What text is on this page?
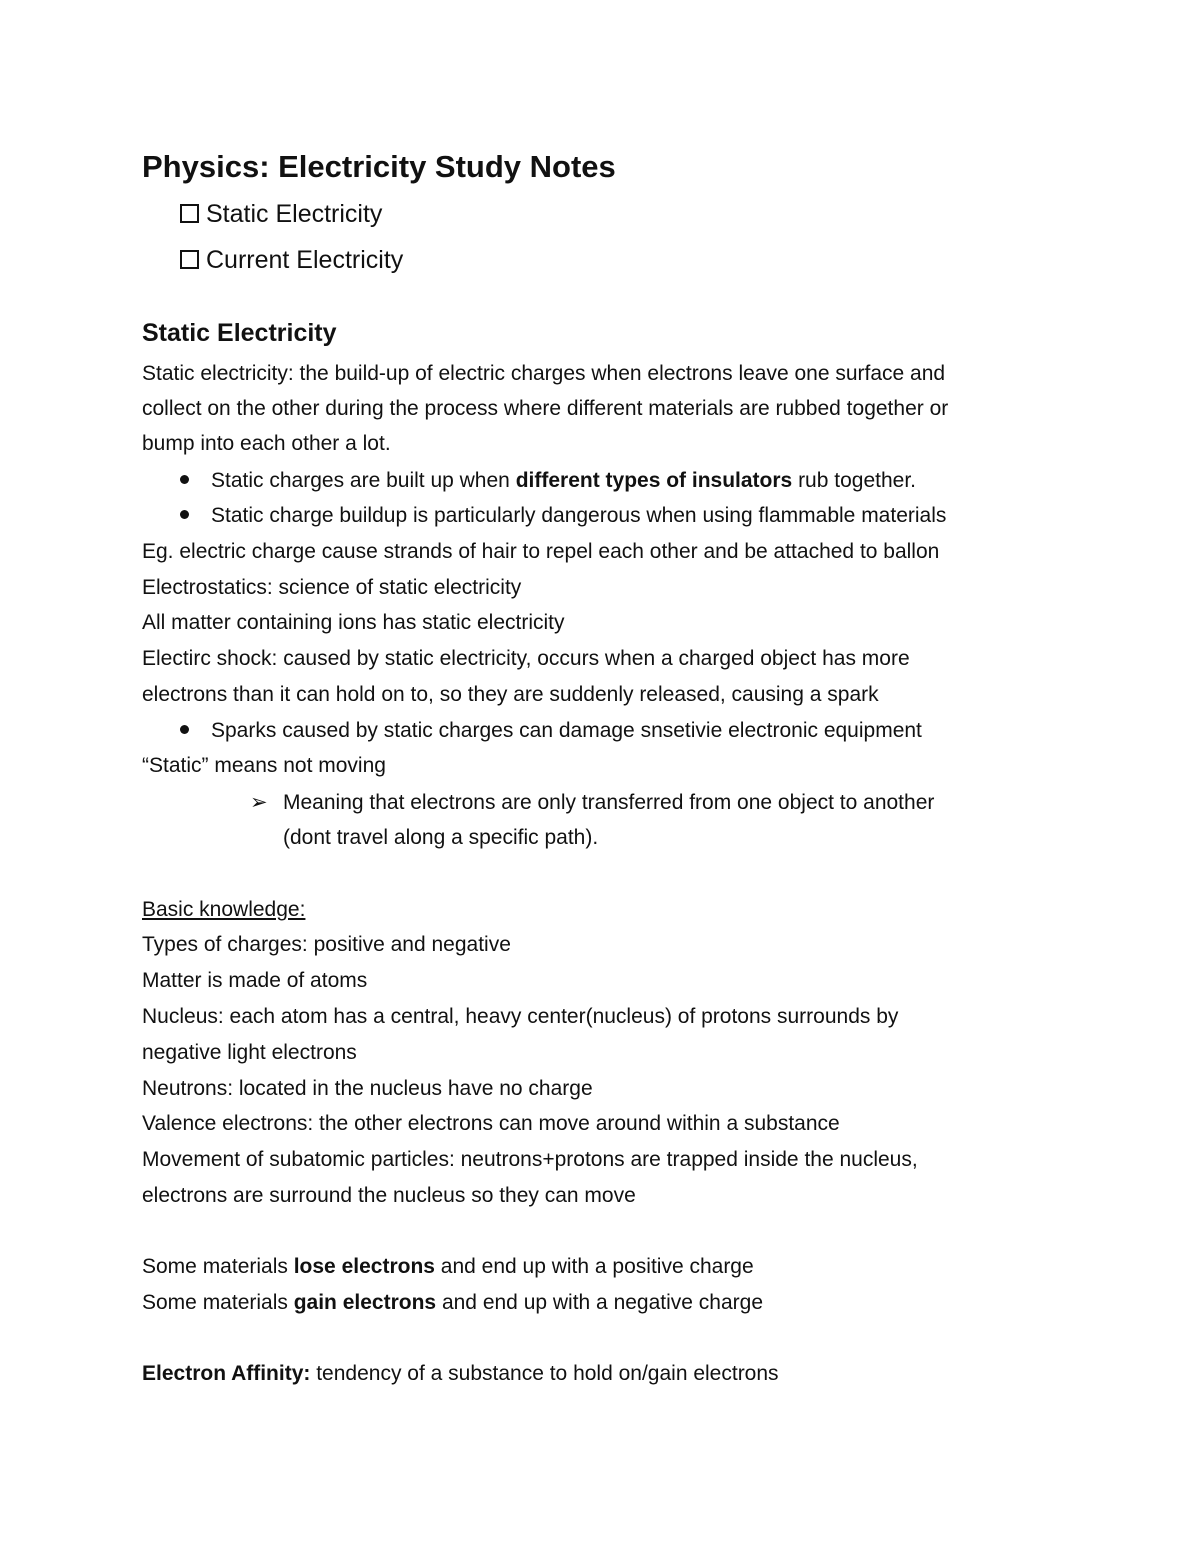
Physics: Electricity Study Notes
Static Electricity
Current Electricity
Static Electricity
Static electricity: the build-up of electric charges when electrons leave one surface and
collect on the other during the process where different materials are rubbed together or
bump into each other a lot.
Static charges are built up when different types of insulators rub together.
Static charge buildup is particularly dangerous when using flammable materials
Eg. electric charge cause strands of hair to repel each other and be attached to ballon
Electrostatics: science of static electricity
All matter containing ions has static electricity
Electirc shock: caused by static electricity, occurs when a charged object has more
electrons than it can hold on to, so they are suddenly released, causing a spark
Sparks caused by static charges can damage snsetivie electronic equipment
“Static” means not moving
➢ Meaning that electrons are only transferred from one object to another
(dont travel along a specific path).
Basic knowledge:
Types of charges: positive and negative
Matter is made of atoms
Nucleus: each atom has a central, heavy center(nucleus) of protons surrounds by
negative light electrons
Neutrons: located in the nucleus have no charge
Valence electrons: the other electrons can move around within a substance
Movement of subatomic particles: neutrons+protons are trapped inside the nucleus,
electrons are surround the nucleus so they can move
Some materials lose electrons and end up with a positive charge
Some materials gain electrons and end up with a negative charge
Electron Affinity: tendency of a substance to hold on/gain electrons
